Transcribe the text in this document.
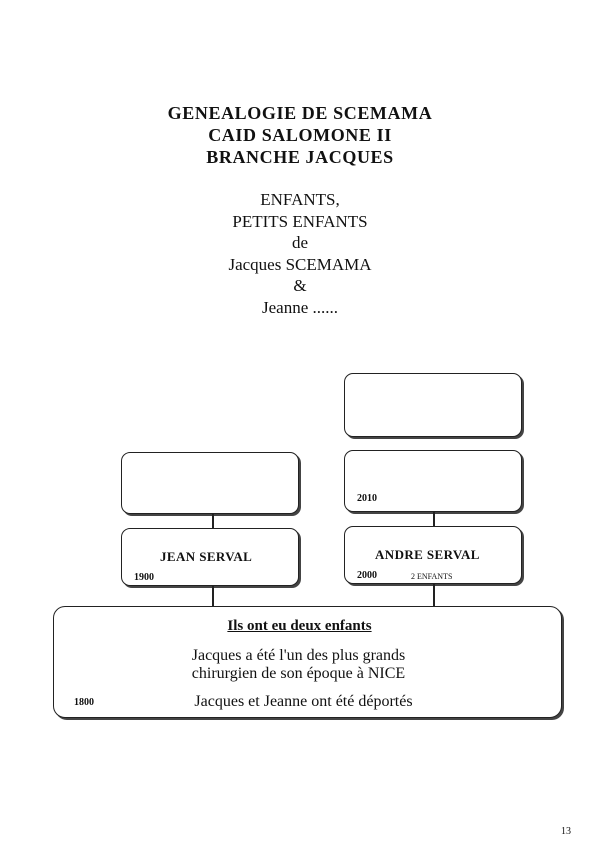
GENEALOGIE DE SCEMAMA
CAID SALOMONE II
BRANCHE JACQUES
ENFANTS,
PETITS ENFANTS
de
Jacques SCEMAMA
&
Jeanne ......
2010
JEAN SERVAL
1900
ANDRE SERVAL
2000	2 ENFANTS
Ils ont eu deux enfants
Jacques a été l'un des plus grands
chirurgien de son époque à NICE
Jacques et Jeanne ont été déportés
1800
13
